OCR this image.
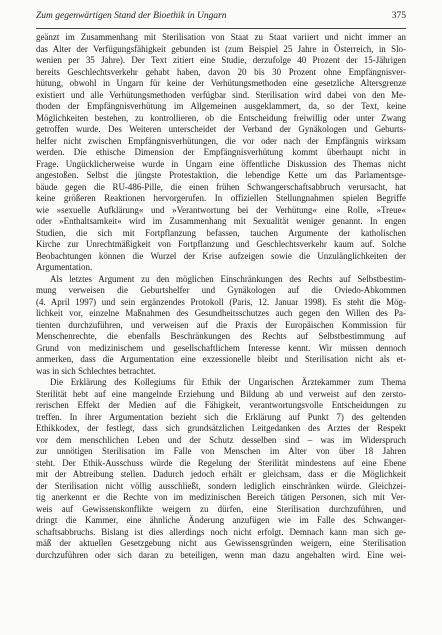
Zum gegenwärtigen Stand der Bioethik in Ungarn	375
geänzt im Zusammenhang mit Sterilisation von Staat zu Staat variiert und nicht immer an
das Alter der Verfügungsfähigkeit gebunden ist (zum Beispiel 25 Jahre in Österreich, in Slo-
wenien per 35 Jahre). Der Text zitiert eine Studie, derzufolge 40 Prozent der 15-Jährigen
bereits Geschlechtsverkehr gehabt haben, davon 20 bis 30 Prozent ohne Empfängnisver-
hütung, obwohl in Ungarn für keine der Verhütungsmethoden eine gesetzliche Altersgrenze
existiert und alle Verhütungsmethoden verfügbar sind. Sterilisation wird dabei von den Me-
thoden der Empfängnisverhütung im Allgemeinen ausgeklammert, da, so der Text, keine
Möglichkeiten bestehen, zu kontrollieren, ob die Entscheidung freiwillig oder unter Zwang
getroffen wurde. Des Weiteren unterscheidet der Verband der Gynäkologen und Geburts-
helfer nicht zwischen Empfängnisverhütungen, die vor oder nach der Empfängnis wirksam
werden. Die ethische Dimension der Empfängnisverhütung kommt überhaupt nicht in
Frage. Ungücklicherweise wurde in Ungarn eine öffentliche Diskussion des Themas nicht
angestoßen. Selbst die jüngste Protestaktion, die lebendige Kette um das Parlamentsge-
bäude gegen die RU-486-Pille, die einen frühen Schwangerschaftsabbruch verursacht, hat
keine größeren Reaktionen hervorgerufen. In offiziellen Stellungnahmen spielen Begriffe
wie »sexuelle Aufklärung« und »Verantwortung bei der Verhütung« eine Rolle, »Treue«
oder »Enthaltsamkeit« wird im Zusammenhang mit Sexualität weniger genannt. In engen
Studien, die sich mit Fortpflanzung befassen, tauchen Argumente der katholischen
Kirche zur Unrechtmäßigkeit von Fortpflanzung und Geschlechtsverkehr kaum auf. Solche
Beobachtungen können die Wurzel der Krise aufzeigen sowie die Unzulänglichkeiten der
Argumentation.
Als letztes Argument zu den möglichen Einschränkungen des Rechts auf Selbstbestim-
mung verweisen die Geburtshelfer und Gynäkologen auf die Oviedo-Abkommen
(4. April 1997) und sein ergänzendes Protokoll (Paris, 12. Januar 1998). Es steht die Mög-
lichkeit vor, einzelne Maßnahmen des Gesundheitsschutzes auch gegen den Willen des Pa-
tienten durchzuführen, und verweisen auf die Praxis der Europäischen Kommission für
Menschenrechte, die ebenfalls Beschränkungen des Rechts auf Selbstbestimmung auf
Grund von medizinischem und gesellschaftlichem Interesse kennt. Wir müssen dennoch
anmerken, dass die Argumentation eine exzessionelle bleibt und Sterilisation nicht als et-
was in sich Schlechtes betrachtet.
Die Erklärung des Kollegiums für Ethik der Ungarischen Ärztekammer zum Thema
Sterilität hebt auf eine mangelnde Erziehung und Bildung ab und verweist auf den zersto-
rerischen Effekt der Medien auf die Fähigkeit, verantwortungsvolle Entscheidungen zu
treffen. In ihrer Argumentation bezieht sich die Erklärung auf Punkt 7) des geltenden
Ethikkodex, der festlegt, dass sich grundsätzlichen Leitgedanken des Arztes der Respekt
vor dem menschlichen Leben und der Schutz desselben sind – was im Widerspruch
zur unnötigen Sterilisation im Falle von Menschen im Alter von über 18 Jahren
steht. Der Ethik-Ausschuss würde die Regelung der Sterilität mindestens auf eine Ebene
mit der Abtreibung stellen. Dadurch jedoch erhält er gleichsam, dass er die Möglichkeit
der Sterilisation nicht völlig ausschließt, sondern lediglich einschränken würde. Gleichzei-
tig anerkennt er die Rechte von im medizinischen Bereich tätigen Personen, sich mit Ver-
weis auf Gewissenskonflikte weigern zu dürfen, eine Sterilisation durchzuführen, und
dringt die Kammer, eine ähnliche Änderung anzufügen wie im Falle des Schwanger-
schaftsabbruchs. Bislang ist dies allerdings noch nicht erfolgt. Demnach kann man sich ge-
mäß der aktuellen Gesetzgebung nicht aus Gewissensgründen weigern, eine Sterilisation
durchzuführen oder sich daran zu beteiligen, wenn man dazu angehalten wird. Eine wei-
